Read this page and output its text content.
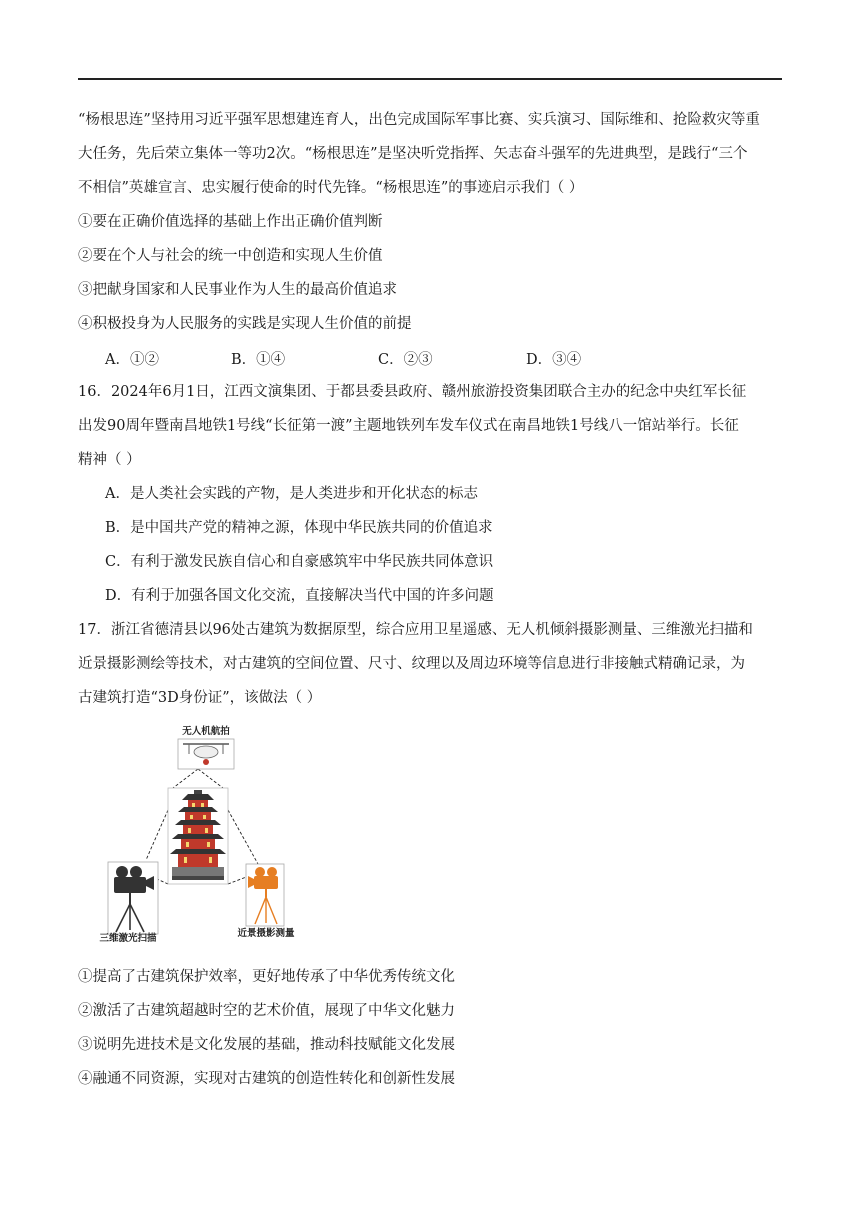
“杨根思连”坚持用习近平强军思想建连育人，出色完成国际军事比赛、实兵演习、国际维和、抢险救灾等重
大任务，先后荣立集体一等功2次。“杨根思连”是坚决听党指挥、矢志奋斗强军的先进典型，是践行“三个
不相信”英雄宣言、忠实履行使命的时代先锋。“杨根思连”的事迹启示我们（ ）
①要在正确价值选择的基础上作出正确价值判断
②要在个人与社会的统一中创造和实现人生价值
③把献身国家和人民事业作为人生的最高价值追求
④积极投身为人民服务的实践是实现人生价值的前提
A．①②	B．①④	C．②③	D．③④
16．2024年6月1日，江西文演集团、于都县委县政府、赣州旅游投资集团联合主办的纪念中央红军长征
出发90周年暨南昌地铁1号线“长征第一渡”主题地铁列车发车仪式在南昌地铁1号线八一馆站举行。长征
精神（ ）
A．是人类社会实践的产物，是人类进步和开化状态的标志
B．是中国共产党的精神之源，体现中华民族共同的价值追求
C．有利于激发民族自信心和自豪感筑牢中华民族共同体意识
D．有利于加强各国文化交流，直接解决当代中国的许多问题
17．浙江省德清县以96处古建筑为数据原型，综合应用卫星遥感、无人机倾斜摄影测量、三维激光扫描和
近景摄影测绘等技术，对古建筑的空间位置、尺寸、纹理以及周边环境等信息进行非接触式精确记录，为
古建筑打造“3D身份证”，该做法（ ）
无人机航拍
三维激光扫描	近景摄影测量
①提高了古建筑保护效率，更好地传承了中华优秀传统文化
②激活了古建筑超越时空的艺术价值，展现了中华文化魅力
③说明先进技术是文化发展的基础，推动科技赋能文化发展
④融通不同资源，实现对古建筑的创造性转化和创新性发展
